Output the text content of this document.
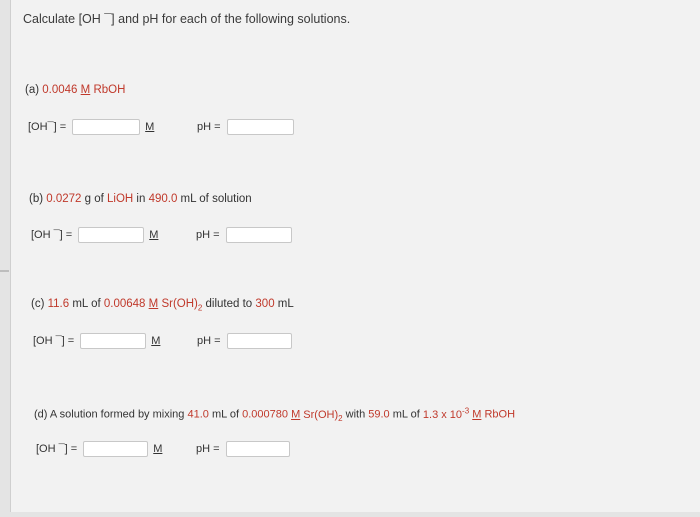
Calculate [OH ¯] and pH for each of the following solutions.
(a) 0.0046 M RbOH
[OH¯] =	M	pH =
(b) 0.0272 g of LiOH in 490.0 mL of solution
[OH ¯] =	M	pH =
(c) 11.6 mL of 0.00648 M $Sr(OH)_2$ diluted to 300 mL
[OH ¯] =	M	pH =
(d) A solution formed by mixing 41.0 mL of 0.000780 M $Sr(OH)_2$ with 59.0 mL of 1.3 x $10^{-3}$ M RbOH
[OH ¯] =	M	pH =
